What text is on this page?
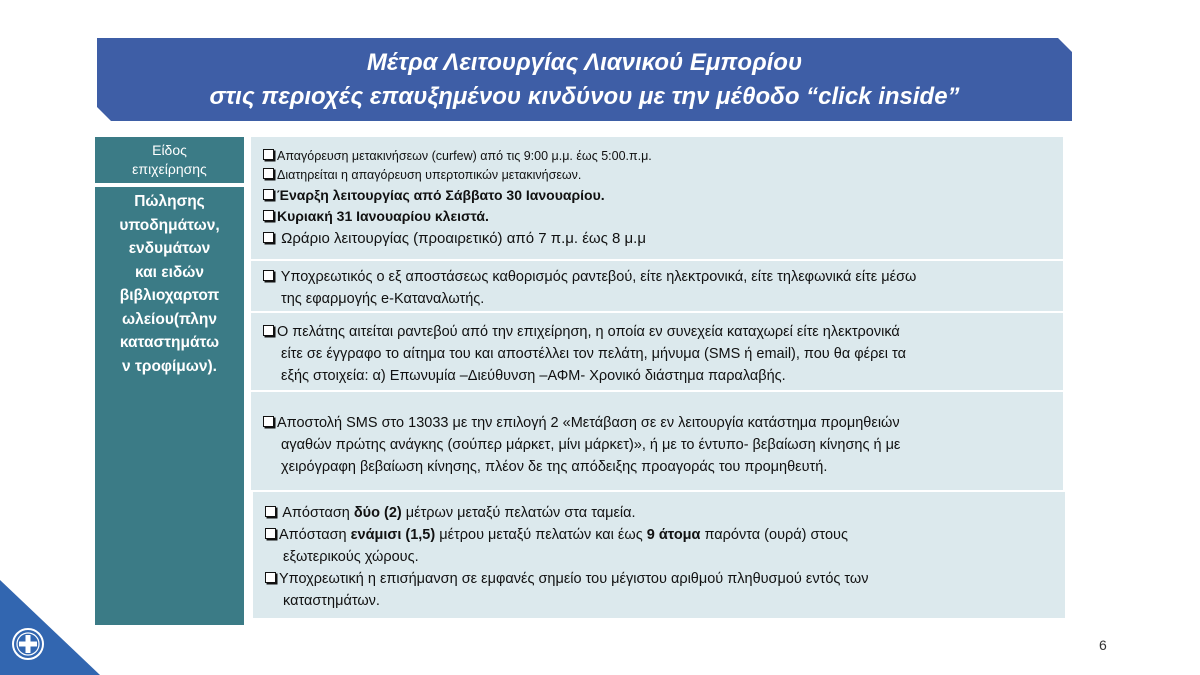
Μέτρα Λειτουργίας Λιανικού Εμπορίου
στις περιοχές επαυξημένου κινδύνου με την μέθοδο “click inside”
Είδος
επιχείρησης
Πώλησης
υποδημάτων,
ενδυμάτων
και ειδών
βιβλιοχαρτοπ
ωλείου(πλην
καταστημάτω
ν τροφίμων).
Απαγόρευση μετακινήσεων (curfew) από τις 9:00 μ.μ. έως 5:00.π.μ.
Διατηρείται η απαγόρευση υπερτοπικών μετακινήσεων.
Έναρξη λειτουργίας από Σάββατο 30 Ιανουαρίου.
Κυριακή 31 Ιανουαρίου κλειστά.
Ωράριο λειτουργίας (προαιρετικό) από 7 π.μ. έως 8 μ.μ
Υποχρεωτικός ο εξ αποστάσεως καθορισμός ραντεβού, είτε ηλεκτρονικά, είτε τηλεφωνικά είτε μέσω
της εφαρμογής e-Καταναλωτής.
Ο πελάτης αιτείται ραντεβού από την επιχείρηση, η οποία εν συνεχεία καταχωρεί είτε ηλεκτρονικά
είτε σε έγγραφο το αίτημα του και αποστέλλει τον πελάτη, μήνυμα (SMS ή email), που θα φέρει τα
εξής στοιχεία: α) Επωνυμία –Διεύθυνση –ΑΦΜ- Χρονικό διάστημα παραλαβής.
Αποστολή SMS στο 13033 με την επιλογή 2 «Μετάβαση σε εν λειτουργία κατάστημα προμηθειών
αγαθών πρώτης ανάγκης (σούπερ μάρκετ, μίνι μάρκετ)», ή με το έντυπο- βεβαίωση κίνησης ή με
χειρόγραφη βεβαίωση κίνησης, πλέον δε της απόδειξης προαγοράς του προμηθευτή.
Απόσταση δύο (2) μέτρων μεταξύ πελατών στα ταμεία.
Απόσταση ενάμισι (1,5) μέτρου μεταξύ πελατών και έως 9 άτομα παρόντα (ουρά) στους
εξωτερικούς χώρους.
Υποχρεωτική η επισήμανση σε εμφανές σημείο του μέγιστου αριθμού πληθυσμού εντός των
καταστημάτων.
6
